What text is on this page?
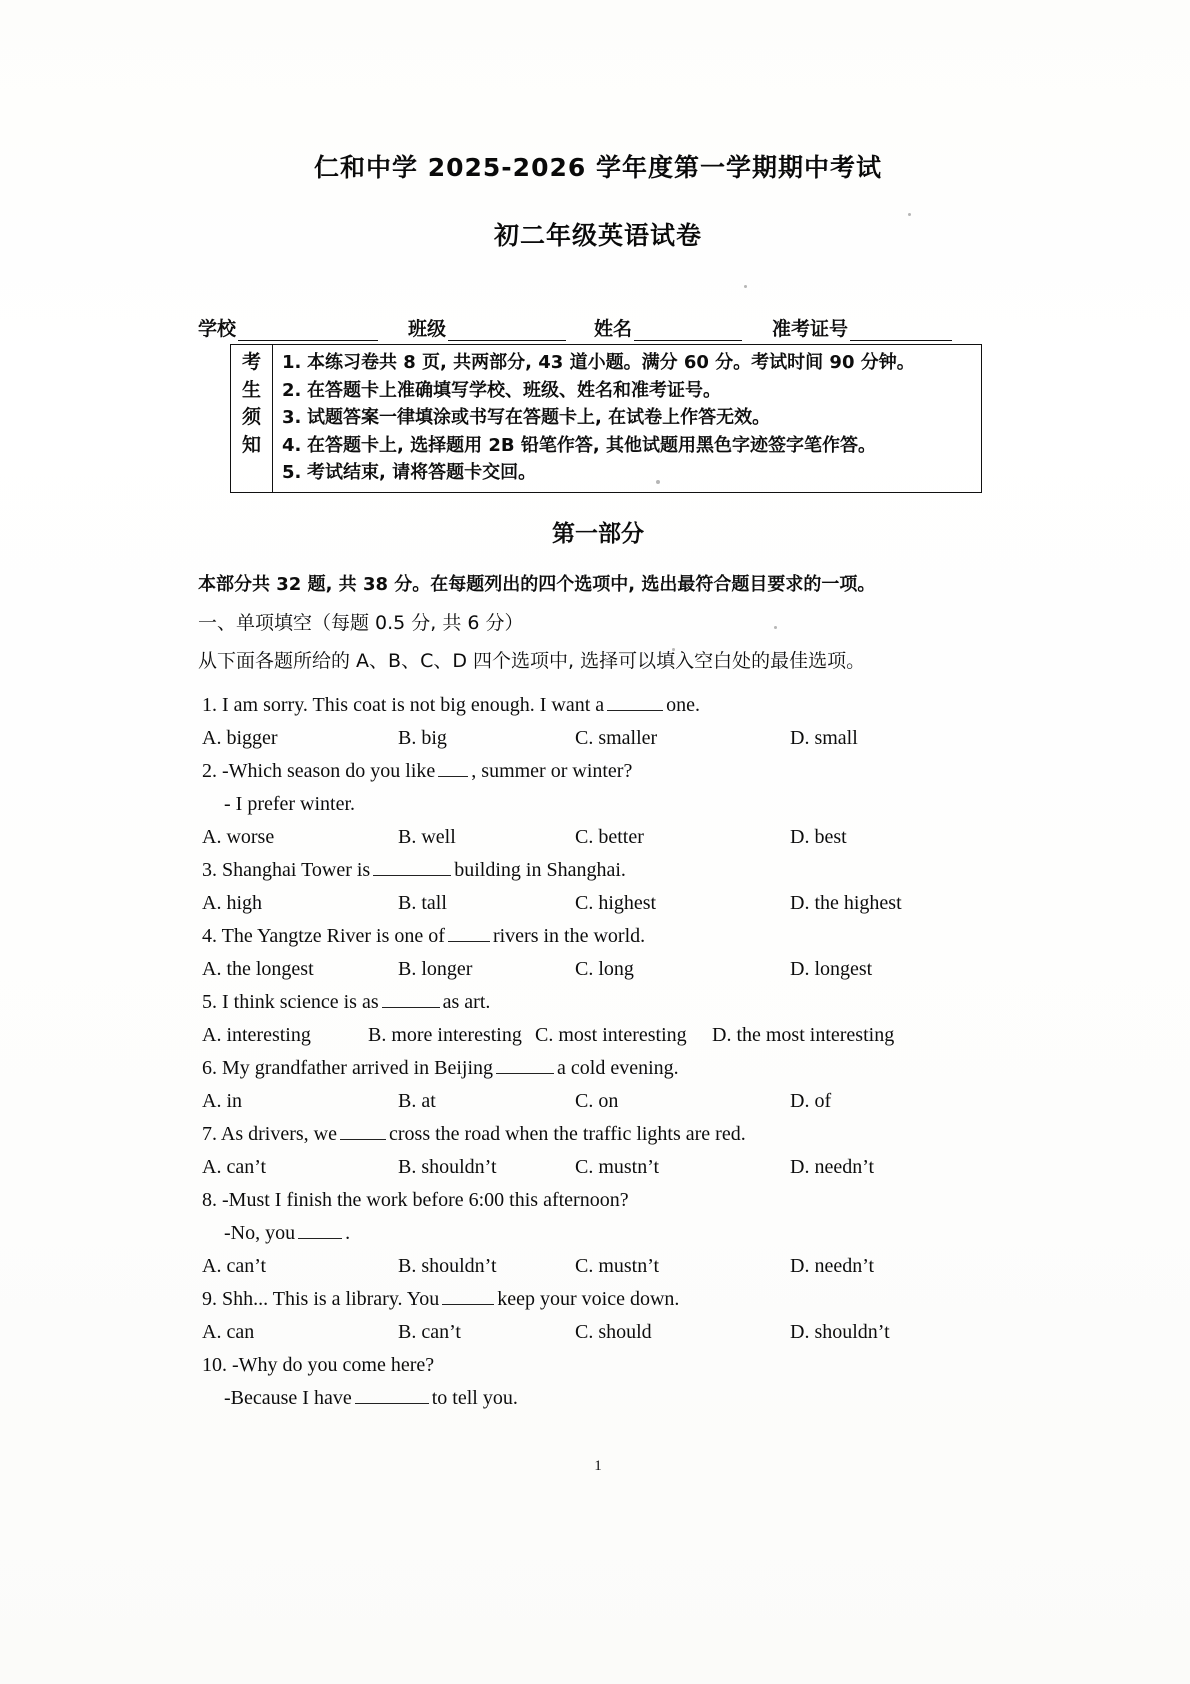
仁和中学 2025-2026 学年度第一学期期中考试
初二年级英语试卷
学校	班级	姓名	准考证号
考
生
须
知
1. 本练习卷共 8 页, 共两部分, 43 道小题。满分 60 分。考试时间 90 分钟。
2. 在答题卡上准确填写学校、班级、姓名和准考证号。
3. 试题答案一律填涂或书写在答题卡上, 在试卷上作答无效。
4. 在答题卡上, 选择题用 2B 铅笔作答, 其他试题用黑色字迹签字笔作答。
5. 考试结束, 请将答题卡交回。
第一部分
本部分共 32 题, 共 38 分。在每题列出的四个选项中, 选出最符合题目要求的一项。
一、单项填空（每题 0.5 分, 共 6 分）
从下面各题所给的 A、B、C、D 四个选项中, 选择可以填入空白处的最佳选项。
1. I am sorry. This coat is not big enough. I want a	one.
A. bigger	B. big	C. smaller	D. small
2. -Which season do you like , summer or winter?
- I prefer winter.
A. worse	B. well	C. better	D. best
3. Shanghai Tower is	building in Shanghai.
A. high	B. tall	C. highest	D. the highest
4. The Yangtze River is one of rivers in the world.
A. the longest	B. longer	C. long	D. longest
5. I think science is as	as art.
A. interesting	B. more interesting C. most interesting	D. the most interesting
6. My grandfather arrived in Beijing	a cold evening.
A. in	B. at	C. on	D. of
7. As drivers, we	cross the road when the traffic lights are red.
A. can’t	B. shouldn’t	C. mustn’t	D. needn’t
8. -Must I finish the work before 6:00 this afternoon?
-No, you	.
A. can’t	B. shouldn’t	C. mustn’t	D. needn’t
9. Shh... This is a library. You	keep your voice down.
A. can	B. can’t	C. should	D. shouldn’t
10. -Why do you come here?
-Because I have	to tell you.
1
